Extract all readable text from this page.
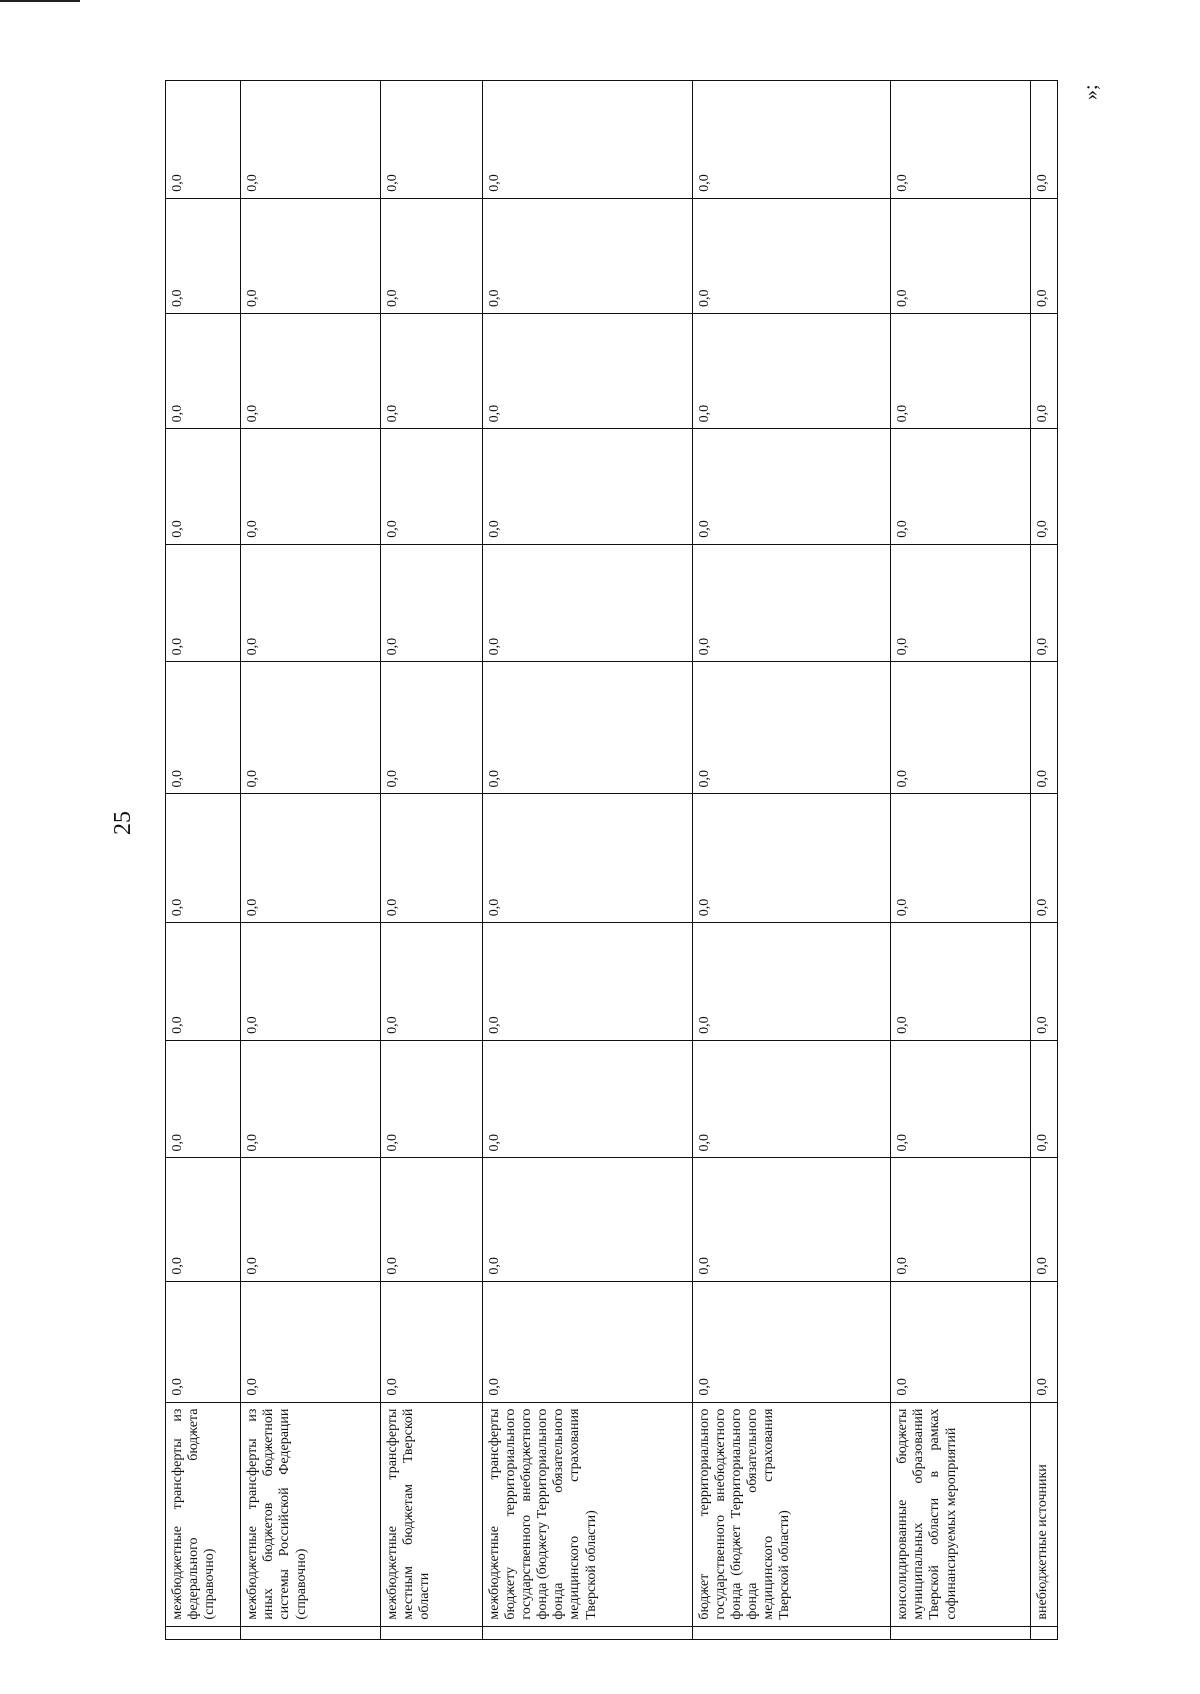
25
»;
	межбюджетные трансферты из федерального бюджета (справочно)	0,0	0,0	0,0	0,0	0,0	0,0	0,0	0,0	0,0	0,0	0,0
	межбюджетные трансферты из иных бюджетов бюджетной системы Российской Федерации (справочно)	0,0	0,0	0,0	0,0	0,0	0,0	0,0	0,0	0,0	0,0	0,0
	межбюджетные трансферты местным бюджетам Тверской области	0,0	0,0	0,0	0,0	0,0	0,0	0,0	0,0	0,0	0,0	0,0
	межбюджетные трансферты бюджету территориального государственного внебюджетного фонда (бюджету Территориального фонда обязательного медицинского страхования Тверской области)	0,0	0,0	0,0	0,0	0,0	0,0	0,0	0,0	0,0	0,0	0,0
	бюджет территориального государственного внебюджетного фонда (бюджет Территориального фонда обязательного медицинского страхования Тверской области)	0,0	0,0	0,0	0,0	0,0	0,0	0,0	0,0	0,0	0,0	0,0
	консолидированные бюджеты муниципальных образований Тверской области в рамках софинансируемых мероприятий	0,0	0,0	0,0	0,0	0,0	0,0	0,0	0,0	0,0	0,0	0,0
	внебюджетные источники	0,0	0,0	0,0	0,0	0,0	0,0	0,0	0,0	0,0	0,0	0,0
